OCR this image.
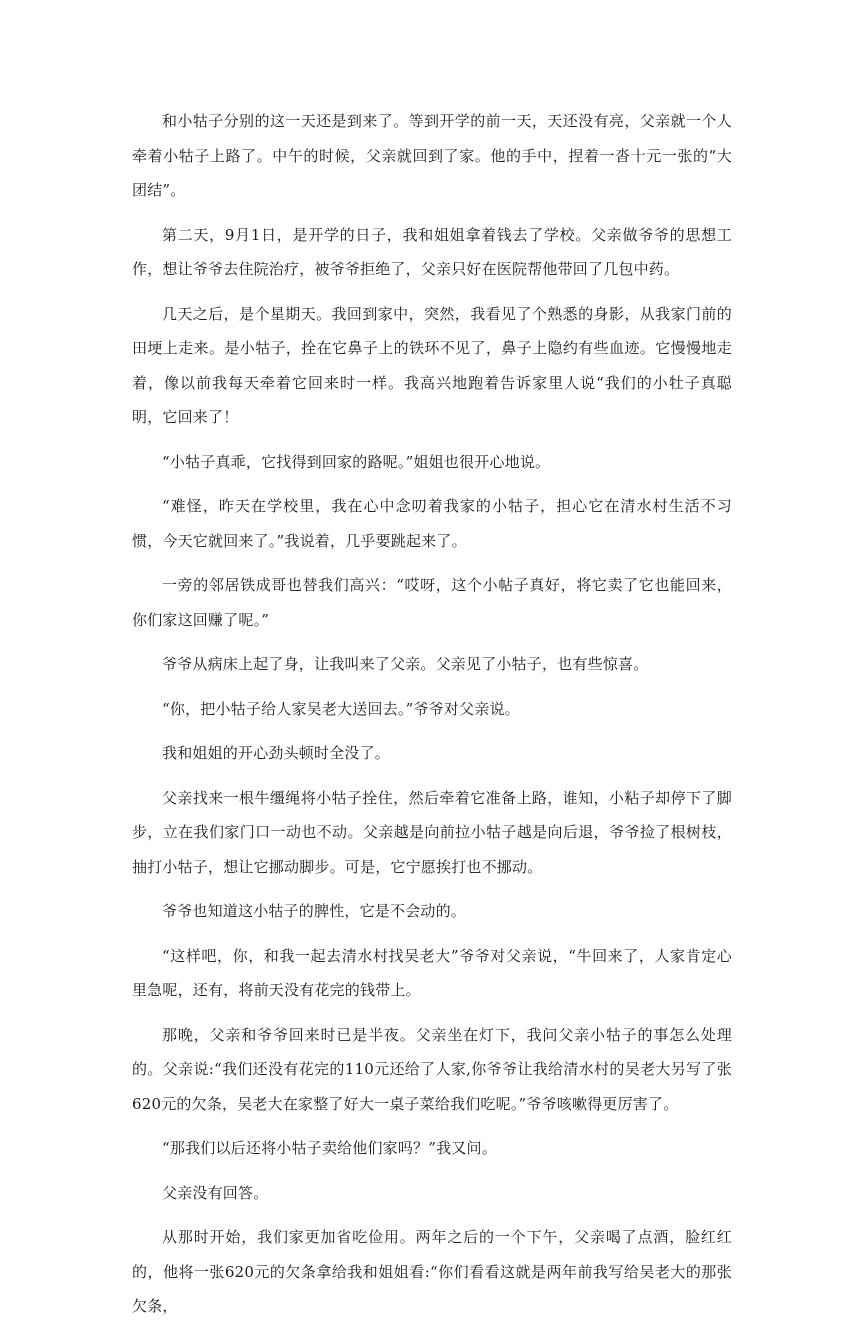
和小牯子分别的这一天还是到来了。等到开学的前一天，天还没有亮，父亲就一个人牵着小牯子上路了。中午的时候，父亲就回到了家。他的手中，捏着一沓十元一张的“大团结”。

第二天，9月1日，是开学的日子，我和姐姐拿着钱去了学校。父亲做爷爷的思想工作，想让爷爷去住院治疗，被爷爷拒绝了，父亲只好在医院帮他带回了几包中药。

几天之后，是个星期天。我回到家中，突然，我看见了个熟悉的身影，从我家门前的田埂上走来。是小牯子，拴在它鼻子上的铁环不见了，鼻子上隐约有些血迹。它慢慢地走着，像以前我每天牵着它回来时一样。我高兴地跑着告诉家里人说“我们的小牡子真聪明，它回来了！

“小牯子真乖，它找得到回家的路呢。”姐姐也很开心地说。

“难怪，昨天在学校里，我在心中念叨着我家的小牯子，担心它在清水村生活不习惯，今天它就回来了。”我说着，几乎要跳起来了。

一旁的邻居铁成哥也替我们高兴：“哎呀，这个小帖子真好，将它卖了它也能回来，你们家这回赚了呢。”

爷爷从病床上起了身，让我叫来了父亲。父亲见了小牯子，也有些惊喜。

“你，把小牯子给人家吴老大送回去。”爷爷对父亲说。

我和姐姐的开心劲头顿时全没了。

父亲找来一根牛缰绳将小牯子拴住，然后牵着它准备上路，谁知，小粘子却停下了脚步，立在我们家门口一动也不动。父亲越是向前拉小牯子越是向后退，爷爷捡了根树枝，抽打小牯子，想让它挪动脚步。可是，它宁愿挨打也不挪动。

爷爷也知道这小牯子的脾性，它是不会动的。

“这样吧，你，和我一起去清水村找吴老大”爷爷对父亲说，“牛回来了，人家肯定心里急呢，还有，将前天没有花完的钱带上。

那晚，父亲和爷爷回来时已是半夜。父亲坐在灯下，我问父亲小牯子的事怎么处理的。父亲说:“我们还没有花完的110元还给了人家,你爷爷让我给清水村的吴老大另写了张620元的欠条，吴老大在家整了好大一桌子菜给我们吃呢。”爷爷咳嗽得更厉害了。

“那我们以后还将小牯子卖给他们家吗？”我又问。

父亲没有回答。

从那时开始，我们家更加省吃俭用。两年之后的一个下午，父亲喝了点酒，脸红红的，他将一张620元的欠条拿给我和姐姐看:“你们看看这就是两年前我写给吴老大的那张欠条，
